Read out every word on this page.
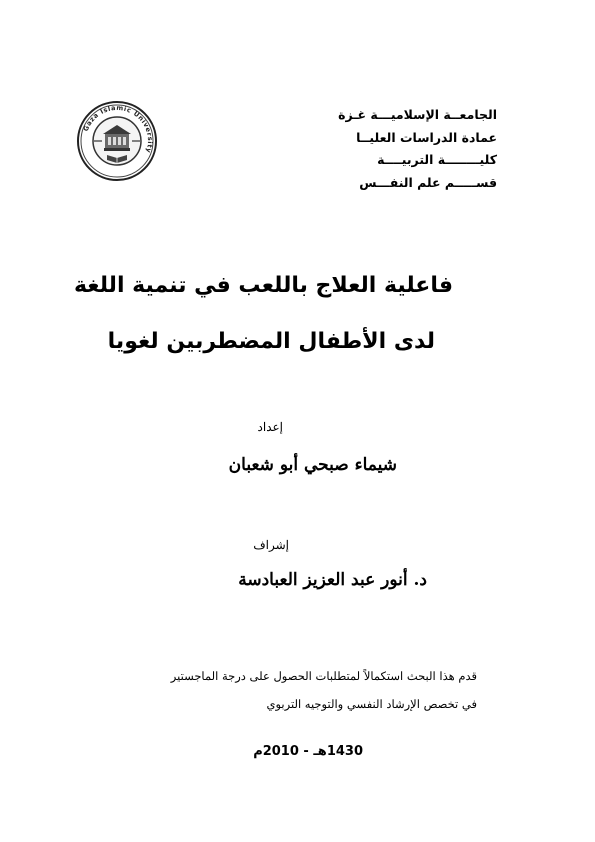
الجامعــة الإسلاميـــة غـزة
عمادة الدراسات العليــا
كليــــــــة التربيــــة
قســـــم علم النفـــس
Gaza Islamic University
فاعلية العلاج باللعب في تنمية اللغة
لدى الأطفال المضطربين لغويا
إعداد
شيماء صبحي أبو شعبان
إشراف
د. أنور عبد العزيز العبادسة
قدم هذا البحث استكمالاً لمتطلبات الحصول على درجة الماجستير
في تخصص الإرشاد النفسي والتوجيه التربوي
1430هـ - 2010م
